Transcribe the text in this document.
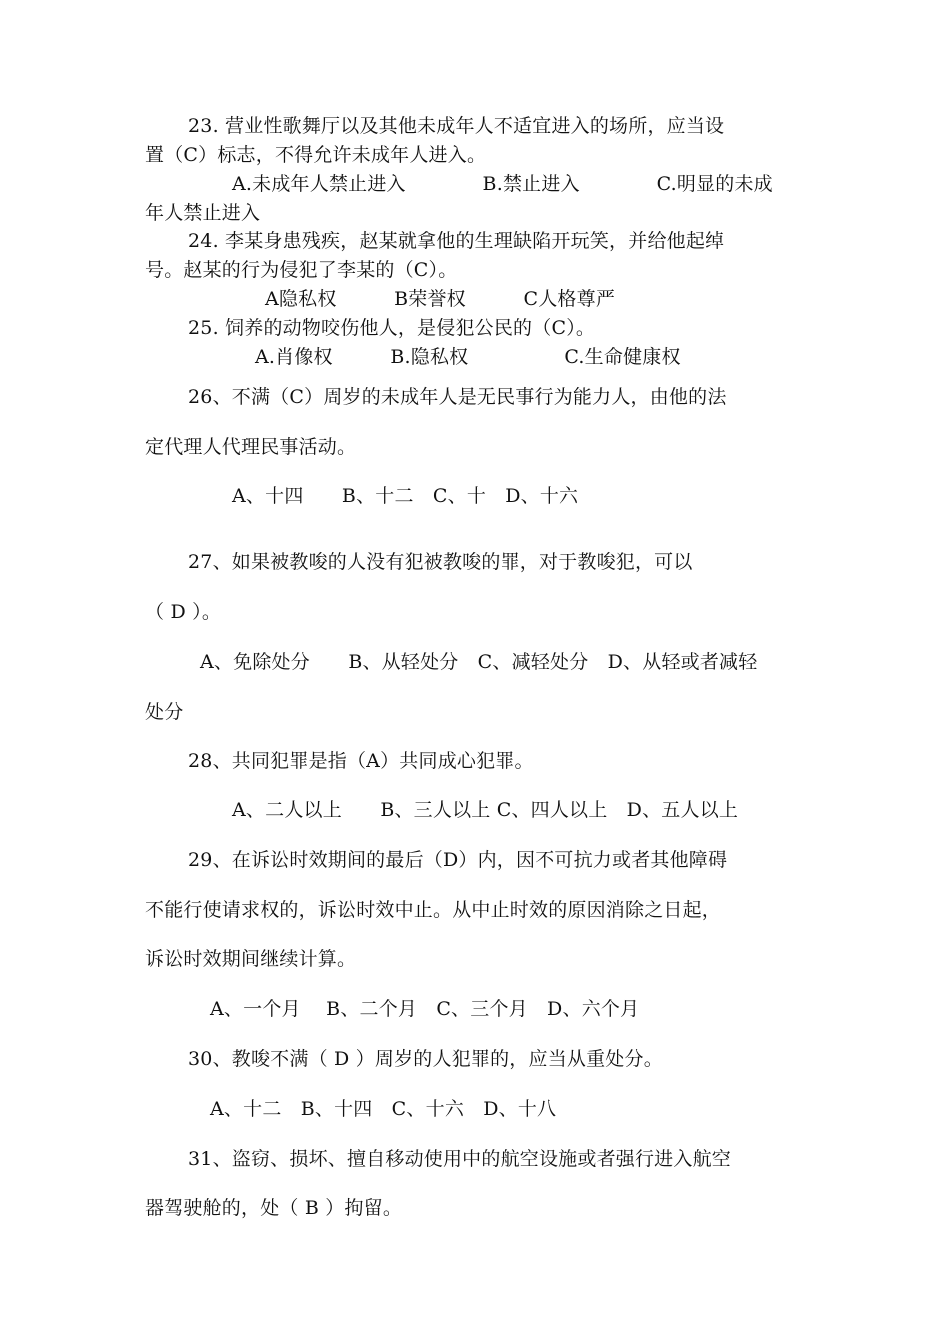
23. 营业性歌舞厅以及其他未成年人不适宜进入的场所，应当设
置（C）标志，不得允许未成年人进入。
A.未成年人禁止进入　　　　B.禁止进入　　　　C.明显的未成
年人禁止进入
24. 李某身患残疾，赵某就拿他的生理缺陷开玩笑，并给他起绰
号。赵某的行为侵犯了李某的（C）。
A隐私权　　　B荣誉权　　　C人格尊严
25. 饲养的动物咬伤他人，是侵犯公民的（C）。
A.肖像权　　　B.隐私权　　　　　C.生命健康权
26、不满（C）周岁的未成年人是无民事行为能力人，由他的法
定代理人代理民事活动。
A、十四　　B、十二　C、十　D、十六
27、如果被教唆的人没有犯被教唆的罪，对于教唆犯，可以
（ D ）。
A、免除处分　　B、从轻处分　C、减轻处分　D、从轻或者减轻
处分
28、共同犯罪是指（A）共同成心犯罪。
A、二人以上　　B、三人以上 C、四人以上　D、五人以上
29、在诉讼时效期间的最后（D）内，因不可抗力或者其他障碍
不能行使请求权的，诉讼时效中止。从中止时效的原因消除之日起，
诉讼时效期间继续计算。
A、一个月　 B、二个月　C、三个月　D、六个月
30、教唆不满（ D ）周岁的人犯罪的，应当从重处分。
A、十二　B、十四　C、十六　D、十八
31、盗窃、损坏、擅自移动使用中的航空设施或者强行进入航空
器驾驶舱的，处（ B ）拘留。
